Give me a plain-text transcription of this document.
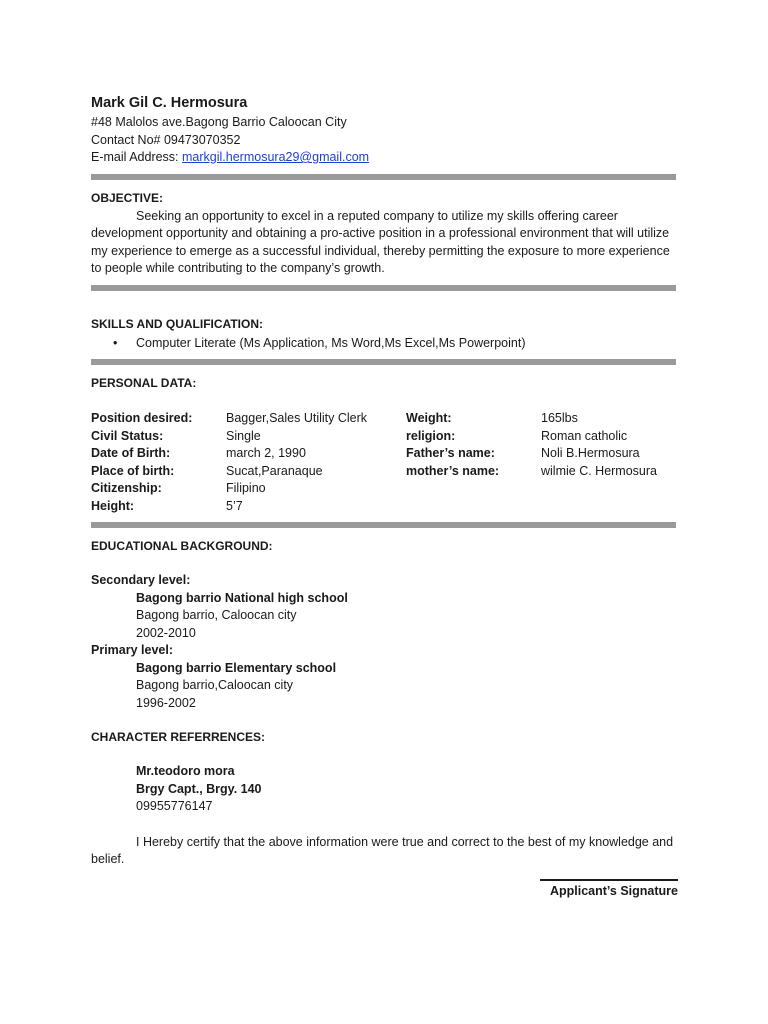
Mark Gil C. Hermosura
#48 Malolos ave.Bagong Barrio Caloocan City
Contact No# 09473070352
E-mail Address: markgil.hermosura29@gmail.com
OBJECTIVE:
Seeking an opportunity to excel in a reputed company to utilize my skills offering career development opportunity and obtaining a pro-active position in a professional environment that will utilize my experience to emerge as a successful individual, thereby permitting the exposure to more experience to people while contributing to the company’s growth.
SKILLS AND QUALIFICATION:
• Computer Literate (Ms Application, Ms Word,Ms Excel,Ms Powerpoint)
PERSONAL DATA:
Position desired:	Bagger,Sales Utility Clerk	Weight:	165lbs
Civil Status:	Single	religion:	Roman catholic
Date of Birth:	march 2, 1990	Father’s name:	Noli B.Hermosura
Place of birth:	Sucat,Paranaque	mother’s name:	wilmie C. Hermosura
Citizenship:	Filipino
Height:	5’7
EDUCATIONAL BACKGROUND:
Secondary level:
Bagong barrio National high school
Bagong barrio, Caloocan city
2002-2010
Primary level:
Bagong barrio Elementary school
Bagong barrio,Caloocan city
1996-2002
CHARACTER REFERRENCES:
Mr.teodoro mora
Brgy Capt., Brgy. 140
09955776147
I Hereby certify that the above information were true and correct to the best of my knowledge and belief.
Applicant’s Signature
